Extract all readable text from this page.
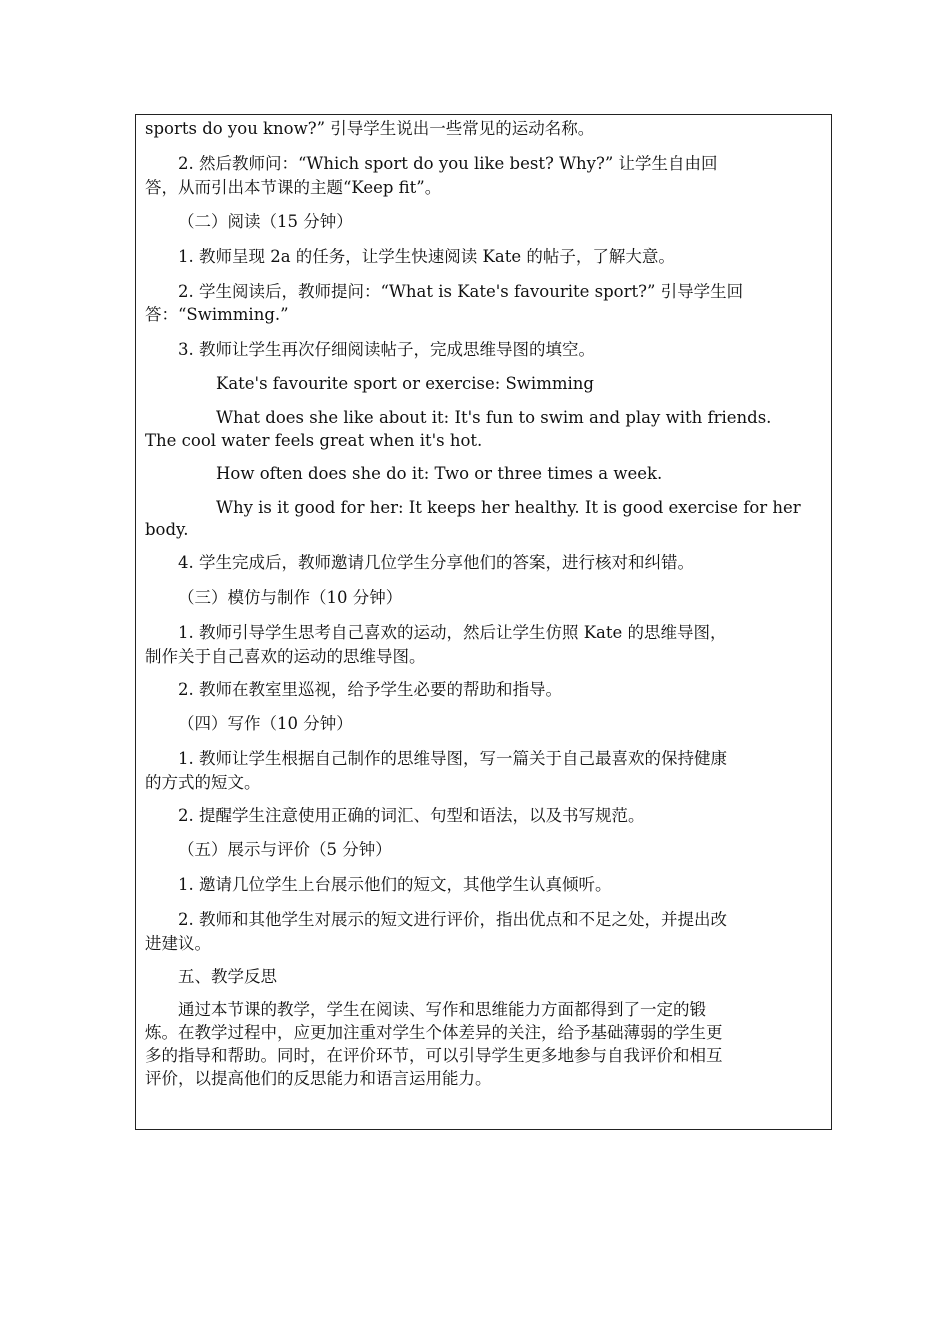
sports do you know?” 引导学生说出一些常见的运动名称。
2. 然后教师问：“Which sport do you like best? Why?” 让学生自由回
答，从而引出本节课的主题“Keep fit”。
（二）阅读（15 分钟）
1. 教师呈现 2a 的任务，让学生快速阅读 Kate 的帖子，了解大意。
2. 学生阅读后，教师提问：“What is Kate's favourite sport?” 引导学生回
答：“Swimming.”
3. 教师让学生再次仔细阅读帖子，完成思维导图的填空。
Kate's favourite sport or exercise: Swimming
What does she like about it: It's fun to swim and play with friends.
The cool water feels great when it's hot.
How often does she do it: Two or three times a week.
Why is it good for her: It keeps her healthy. It is good exercise for her
body.
4. 学生完成后，教师邀请几位学生分享他们的答案，进行核对和纠错。
（三）模仿与制作（10 分钟）
1. 教师引导学生思考自己喜欢的运动，然后让学生仿照 Kate 的思维导图，
制作关于自己喜欢的运动的思维导图。
2. 教师在教室里巡视，给予学生必要的帮助和指导。
（四）写作（10 分钟）
1. 教师让学生根据自己制作的思维导图，写一篇关于自己最喜欢的保持健康
的方式的短文。
2. 提醒学生注意使用正确的词汇、句型和语法，以及书写规范。
（五）展示与评价（5 分钟）
1. 邀请几位学生上台展示他们的短文，其他学生认真倾听。
2. 教师和其他学生对展示的短文进行评价，指出优点和不足之处，并提出改
进建议。
五、教学反思
通过本节课的教学，学生在阅读、写作和思维能力方面都得到了一定的锻
炼。在教学过程中，应更加注重对学生个体差异的关注，给予基础薄弱的学生更
多的指导和帮助。同时，在评价环节，可以引导学生更多地参与自我评价和相互
评价，以提高他们的反思能力和语言运用能力。
